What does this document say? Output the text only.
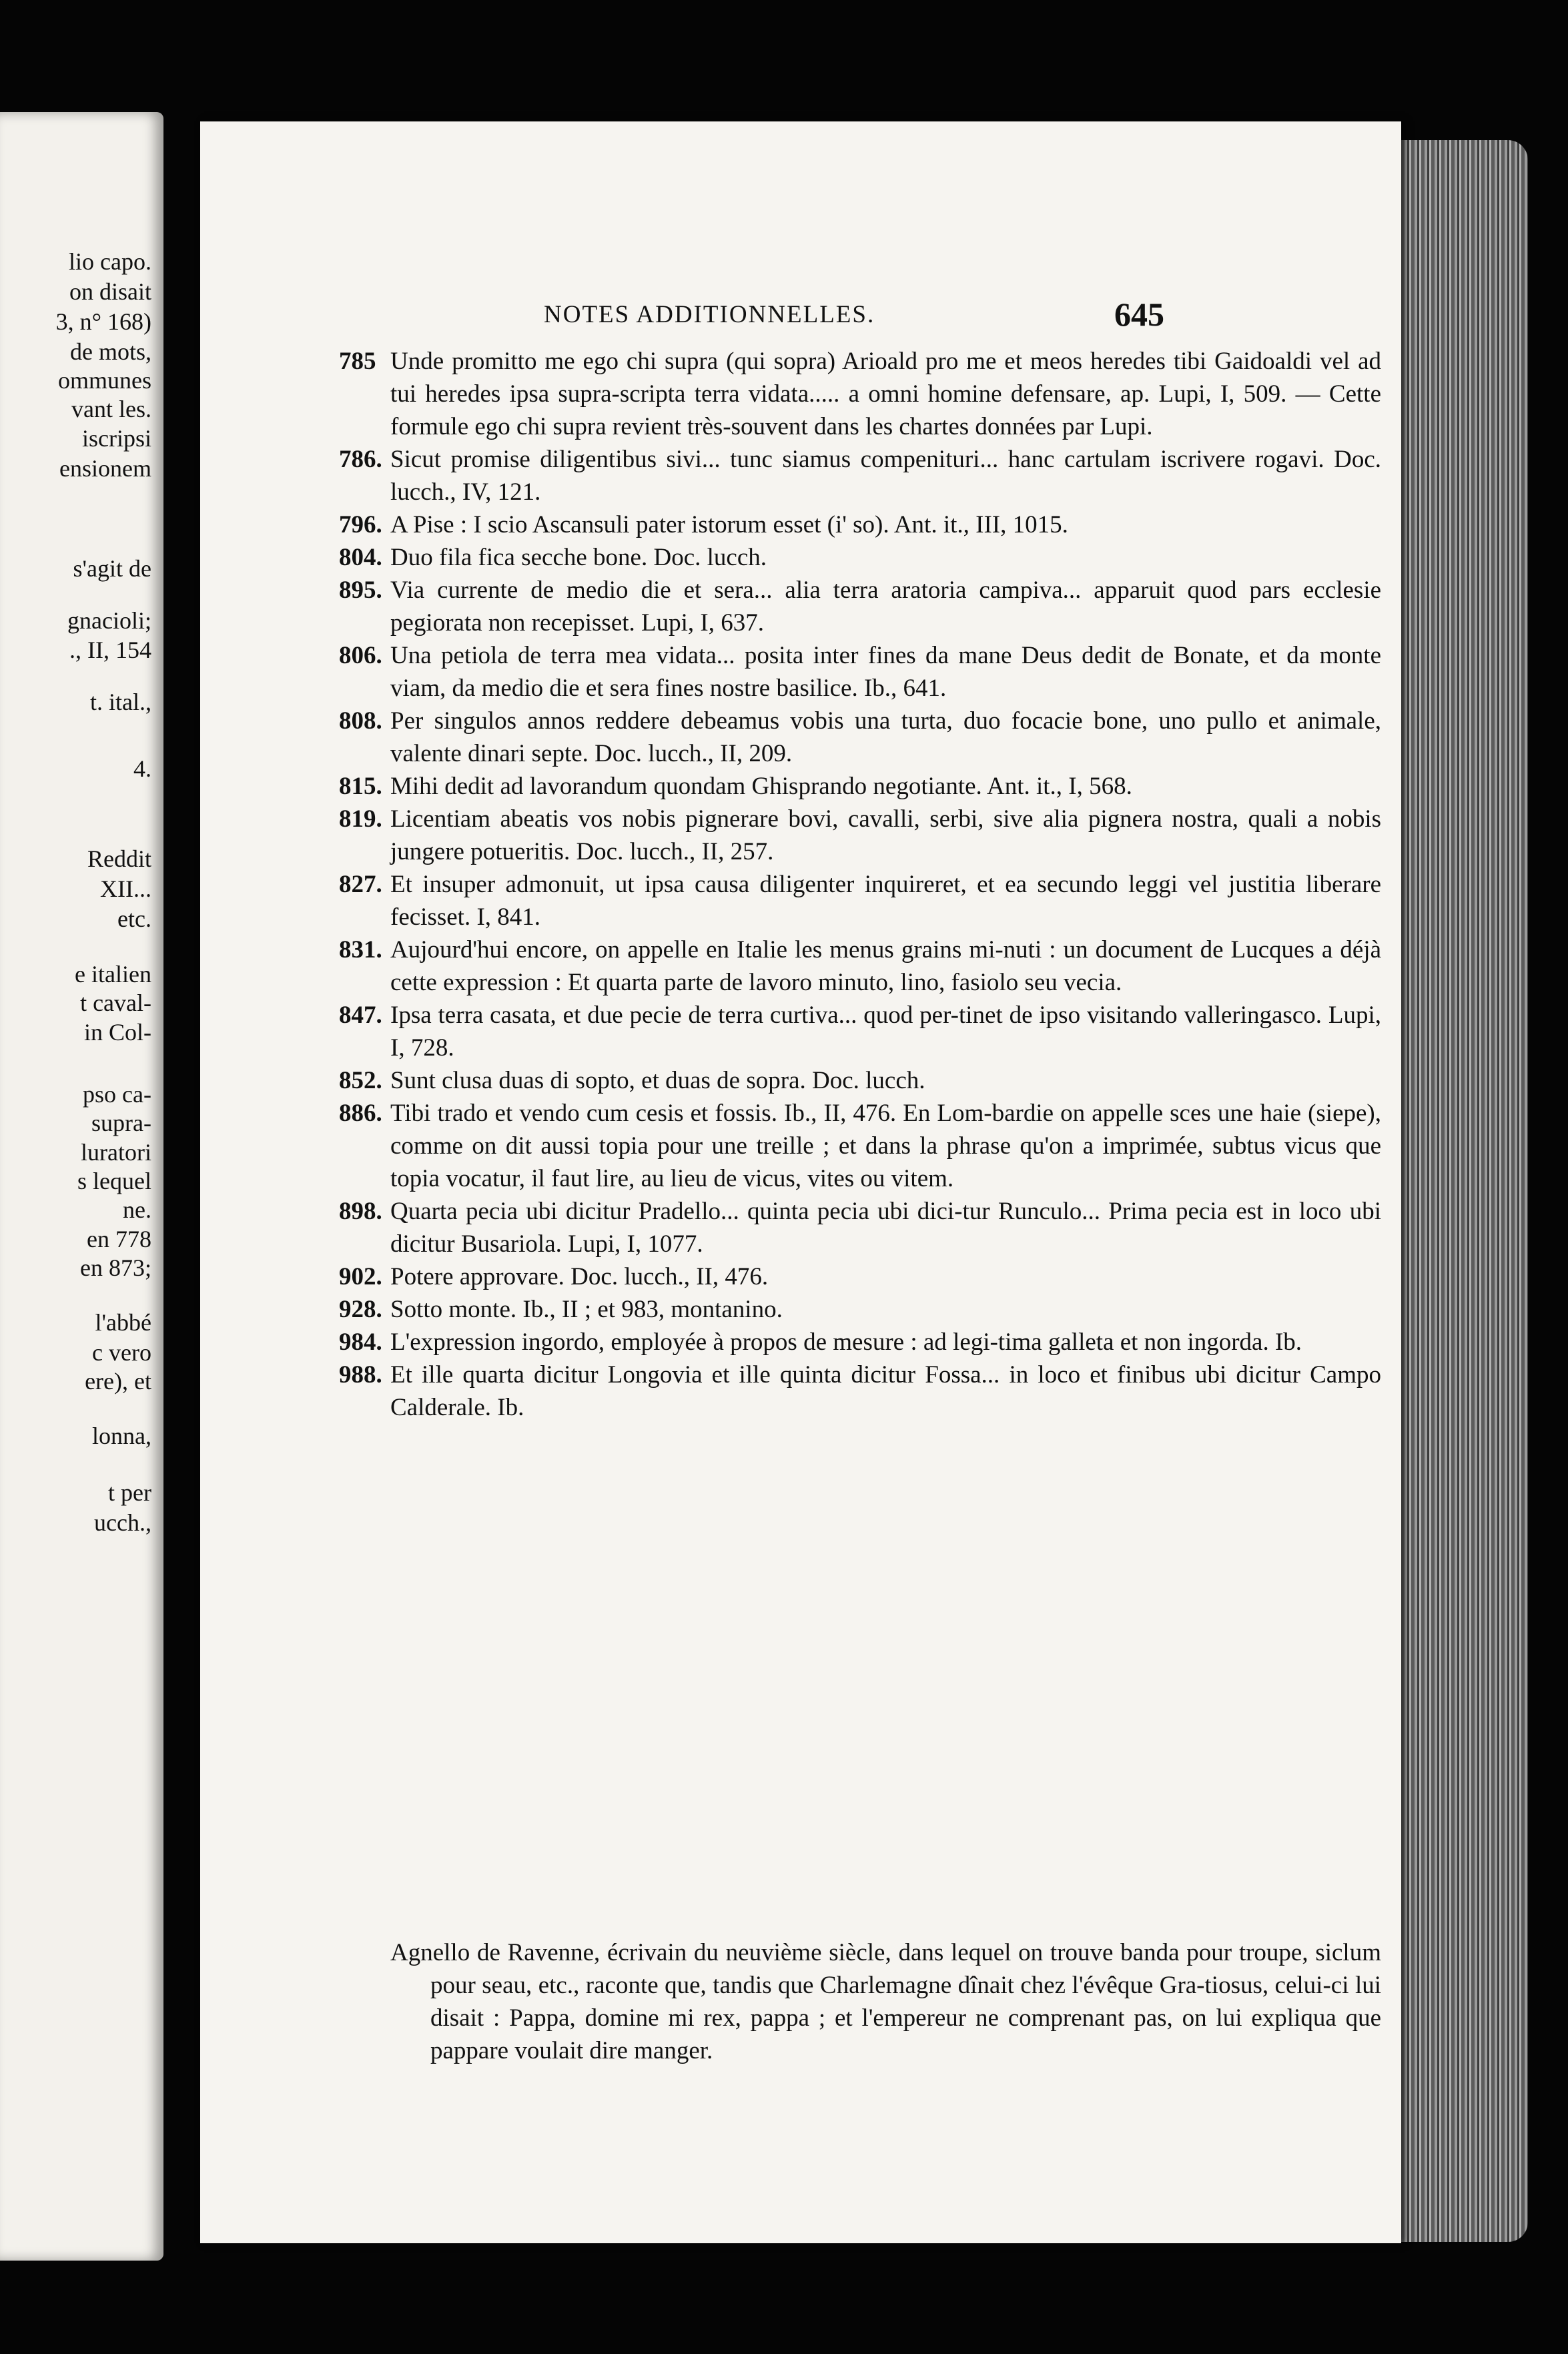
lio capo.
on disait
3, n° 168)
de mots,
ommunes
vant les.
iscripsi
ensionem
s'agit de
gnacioli;
., II, 154
t. ital.,
4.
Reddit
XII...
etc.
e italien
t caval-
in Col-
pso ca-
supra-
luratori
s lequel
ne.
en 778
en 873;
l'abbé
c vero
ere), et
lonna,
t per
ucch.,
NOTES ADDITIONNELLES.	645
785 Unde promitto me ego chi supra (qui sopra) Arioald pro me et meos heredes tibi Gaidoaldi vel ad tui heredes ipsa supra-scripta terra vidata..... a omni homine defensare, ap. Lupi, I, 509. — Cette formule ego chi supra revient très-souvent dans les chartes données par Lupi.
786. Sicut promise diligentibus sivi... tunc siamus compenituri... hanc cartulam iscrivere rogavi. Doc. lucch., IV, 121.
796. A Pise : I scio Ascansuli pater istorum esset (i' so). Ant. it., III, 1015.
804. Duo fila fica secche bone. Doc. lucch.
895. Via currente de medio die et sera... alia terra aratoria campiva... apparuit quod pars ecclesie pegiorata non recepisset. Lupi, I, 637.
806. Una petiola de terra mea vidata... posita inter fines da mane Deus dedit de Bonate, et da monte viam, da medio die et sera fines nostre basilice. Ib., 641.
808. Per singulos annos reddere debeamus vobis una turta, duo focacie bone, uno pullo et animale, valente dinari septe. Doc. lucch., II, 209.
815. Mihi dedit ad lavorandum quondam Ghisprando negotiante. Ant. it., I, 568.
819. Licentiam abeatis vos nobis pignerare bovi, cavalli, serbi, sive alia pignera nostra, quali a nobis jungere potueritis. Doc. lucch., II, 257.
827. Et insuper admonuit, ut ipsa causa diligenter inquireret, et ea secundo leggi vel justitia liberare fecisset. I, 841.
831. Aujourd'hui encore, on appelle en Italie les menus grains mi-nuti : un document de Lucques a déjà cette expression : Et quarta parte de lavoro minuto, lino, fasiolo seu vecia.
847. Ipsa terra casata, et due pecie de terra curtiva... quod per-tinet de ipso visitando valleringasco. Lupi, I, 728.
852. Sunt clusa duas di sopto, et duas de sopra. Doc. lucch.
886. Tibi trado et vendo cum cesis et fossis. Ib., II, 476. En Lom-bardie on appelle sces une haie (siepe), comme on dit aussi topia pour une treille ; et dans la phrase qu'on a imprimée, subtus vicus que topia vocatur, il faut lire, au lieu de vicus, vites ou vitem.
898. Quarta pecia ubi dicitur Pradello... quinta pecia ubi dici-tur Runculo... Prima pecia est in loco ubi dicitur Busariola. Lupi, I, 1077.
902. Potere approvare. Doc. lucch., II, 476.
928. Sotto monte. Ib., II ; et 983, montanino.
984. L'expression ingordo, employée à propos de mesure : ad legi-tima galleta et non ingorda. Ib.
988. Et ille quarta dicitur Longovia et ille quinta dicitur Fossa... in loco et finibus ubi dicitur Campo Calderale. Ib.
Agnello de Ravenne, écrivain du neuvième siècle, dans lequel on trouve banda pour troupe, siclum pour seau, etc., raconte que, tandis que Charlemagne dînait chez l'évêque Gra-tiosus, celui-ci lui disait : Pappa, domine mi rex, pappa ; et l'empereur ne comprenant pas, on lui expliqua que pappare voulait dire manger.
